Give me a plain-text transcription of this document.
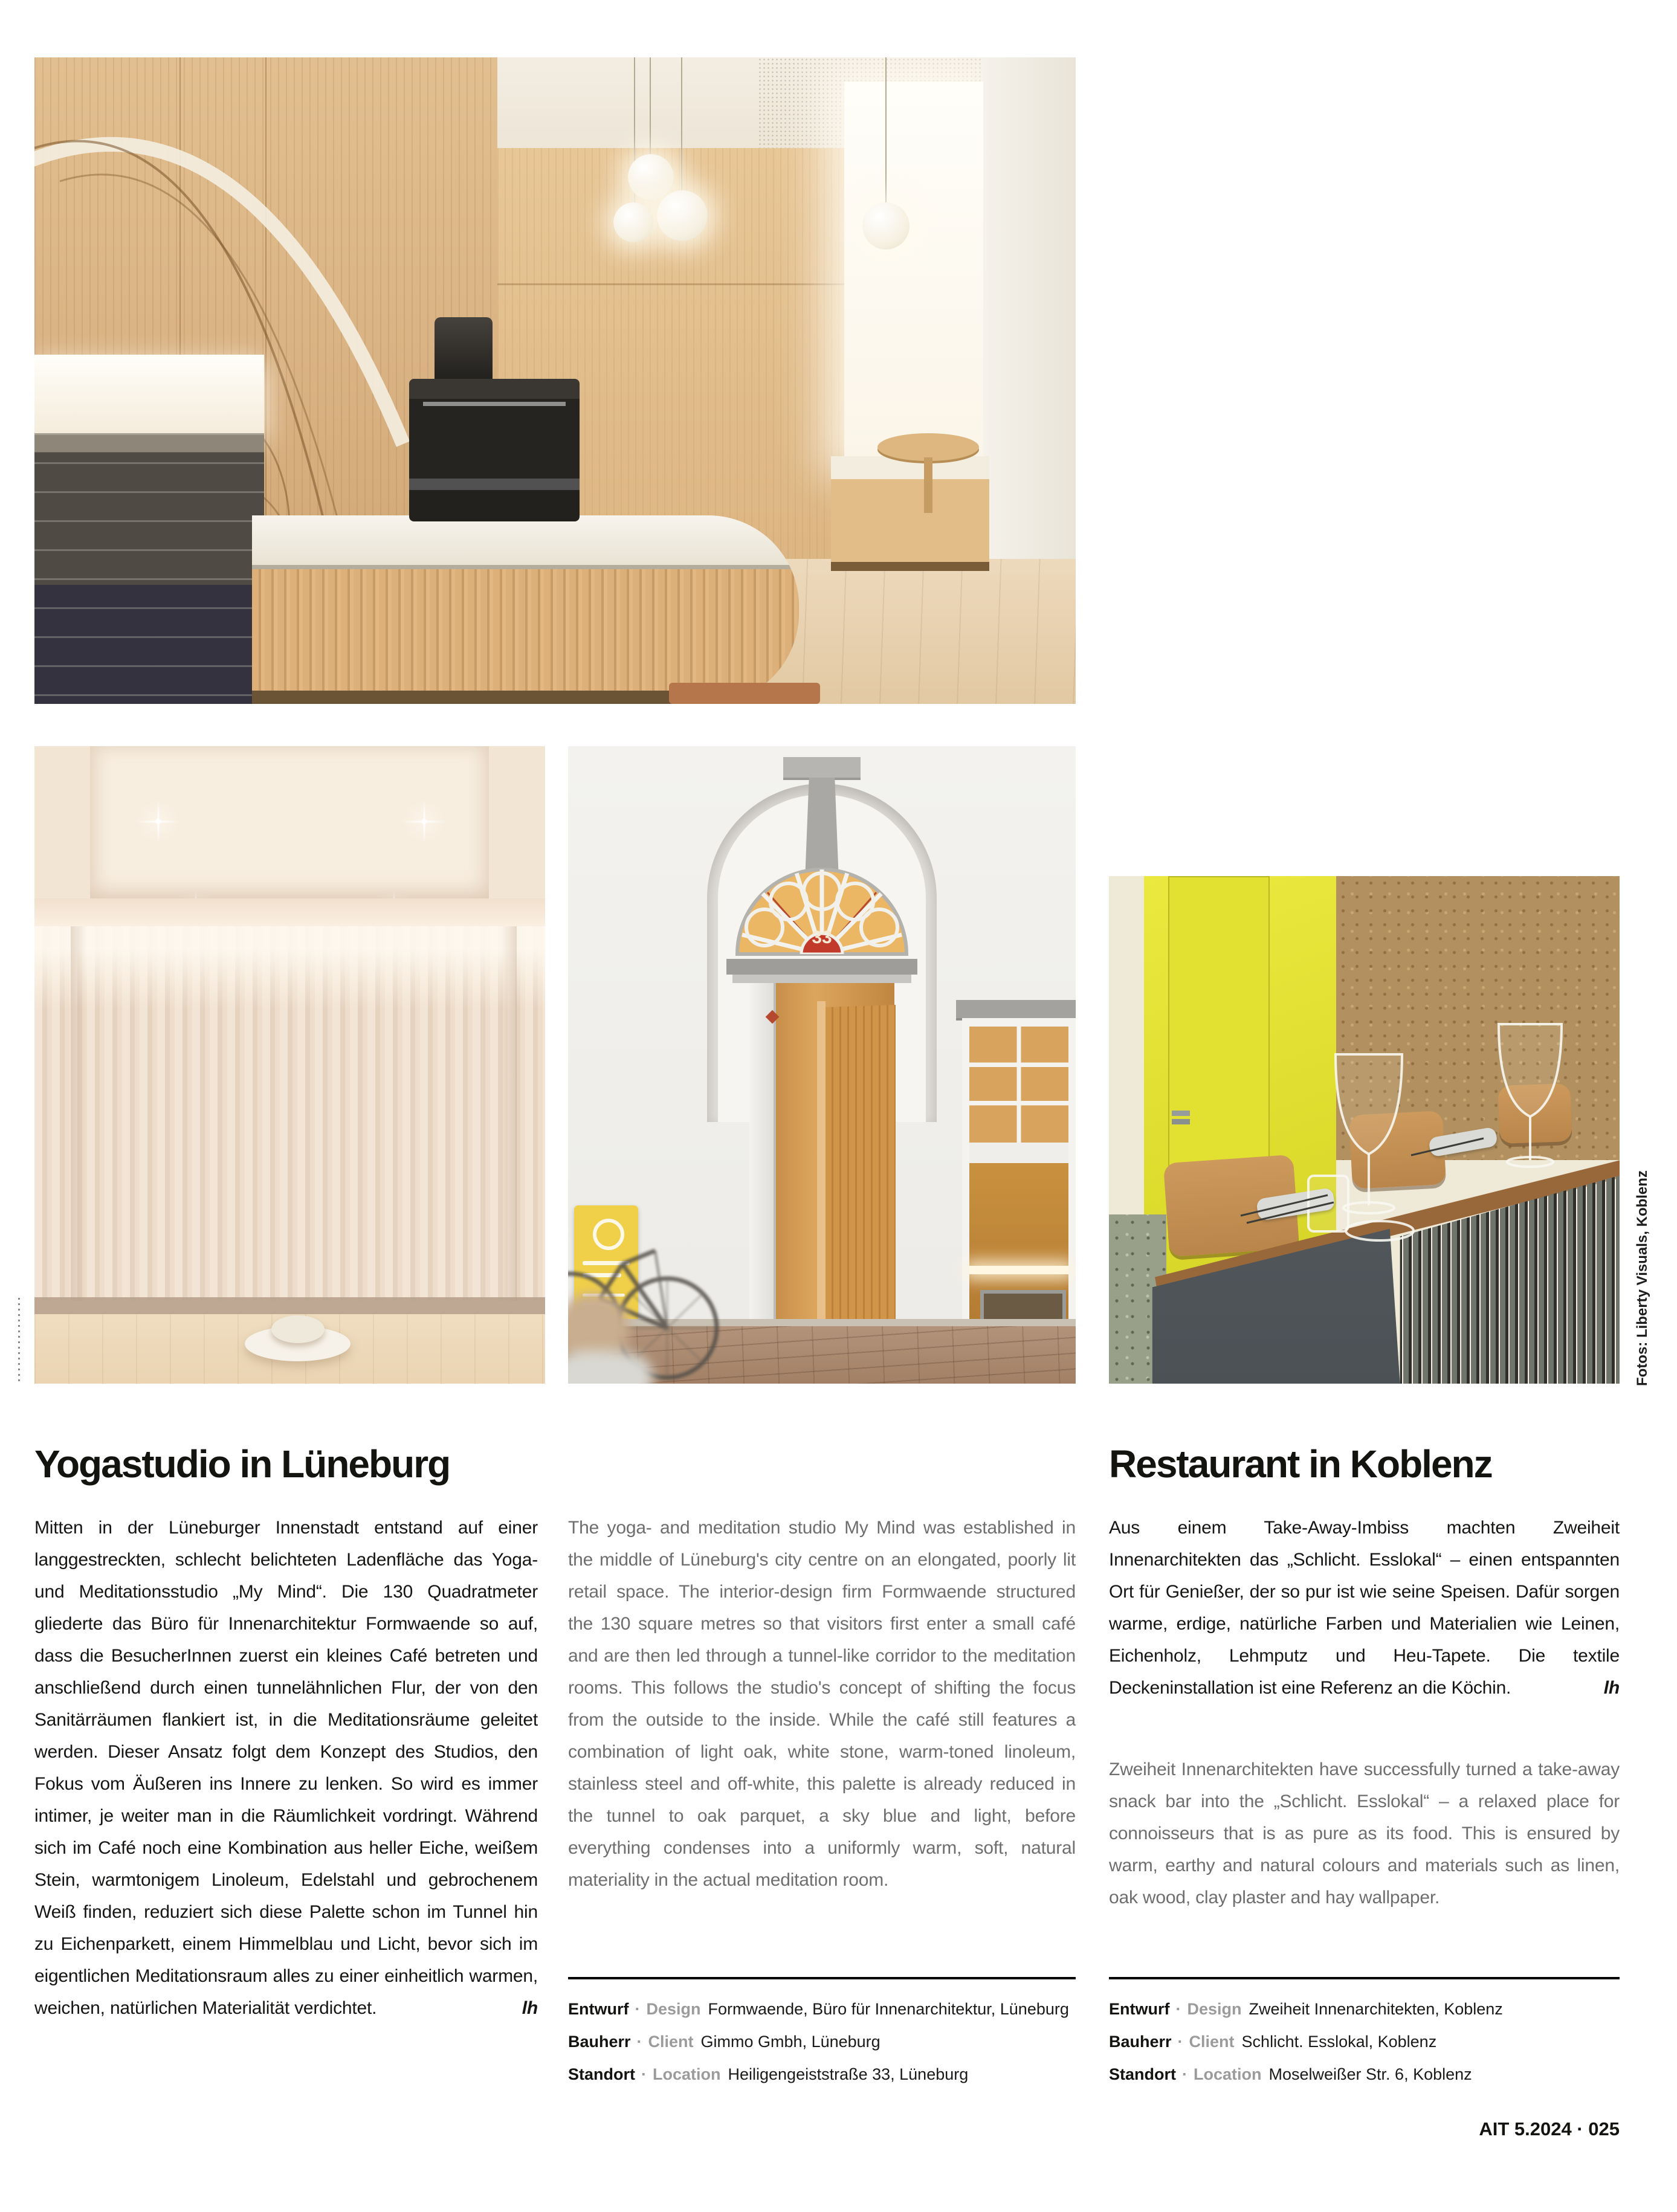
33
Fotos: Liberty Visuals, Koblenz
Yogastudio in Lüneburg	Restaurant in Koblenz

Mitten in der Lüneburger Innenstadt entstand auf einer langgestreckten, schlecht belichteten Ladenfläche das Yoga- und Meditationsstudio „My Mind“. Die 130 Quadratmeter gliederte das Büro für Innenarchitektur Formwaende so auf, dass die BesucherInnen zuerst ein kleines Café betreten und anschließend durch einen tunnelähnlichen Flur, der von den Sanitärräumen flankiert ist, in die Meditationsräume geleitet werden. Dieser Ansatz folgt dem Konzept des Studios, den Fokus vom Äußeren ins Innere zu lenken. So wird es immer intimer, je weiter man in die Räumlichkeit vordringt. Während sich im Café noch eine Kombination aus heller Eiche, weißem Stein, warmtonigem Linoleum, Edelstahl und gebrochenem Weiß finden, reduziert sich diese Palette schon im Tunnel hin zu Eichenparkett, einem Himmelblau und Licht, bevor sich im eigentlichen Meditationsraum alles zu einer einheitlich warmen, weichen, natürlichen Materialität verdichtet.	lh

The yoga- and meditation studio My Mind was established in the middle of Lüneburg's city centre on an elongated, poorly lit retail space. The interior-design firm Formwaende structured the 130 square metres so that visitors first enter a small café and are then led through a tunnel-like corridor to the meditation rooms. This follows the studio's concept of shifting the focus from the outside to the inside. While the café still features a combination of light oak, white stone, warm-toned linoleum, stainless steel and off-white, this palette is already reduced in the tunnel to oak parquet, a sky blue and light, before everything condenses into a uniformly warm, soft, natural materiality in the actual meditation room.

Aus einem Take-Away-Imbiss machten Zweiheit Innenarchitekten das „Schlicht. Esslokal“ – einen entspannten Ort für Genießer, der so pur ist wie seine Speisen. Dafür sorgen warme, erdige, natürliche Farben und Materialien wie Leinen, Eichenholz, Lehmputz und Heu-Tapete. Die textile Deckeninstallation ist eine Referenz an die Köchin.	lh

Zweiheit Innenarchitekten have successfully turned a take-away snack bar into the „Schlicht. Esslokal“ – a relaxed place for connoisseurs that is as pure as its food. This is ensured by warm, earthy and natural colours and materials such as linen, oak wood, clay plaster and hay wallpaper.

Entwurf · Design Formwaende, Büro für Innenarchitektur, Lüneburg
Bauherr · Client Gimmo Gmbh, Lüneburg
Standort · Location Heiligengeiststraße 33, Lüneburg
Entwurf · Design Zweiheit Innenarchitekten, Koblenz
Bauherr · Client Schlicht. Esslokal, Koblenz
Standort · Location Moselweißer Str. 6, Koblenz
AIT 5.2024 · 025
